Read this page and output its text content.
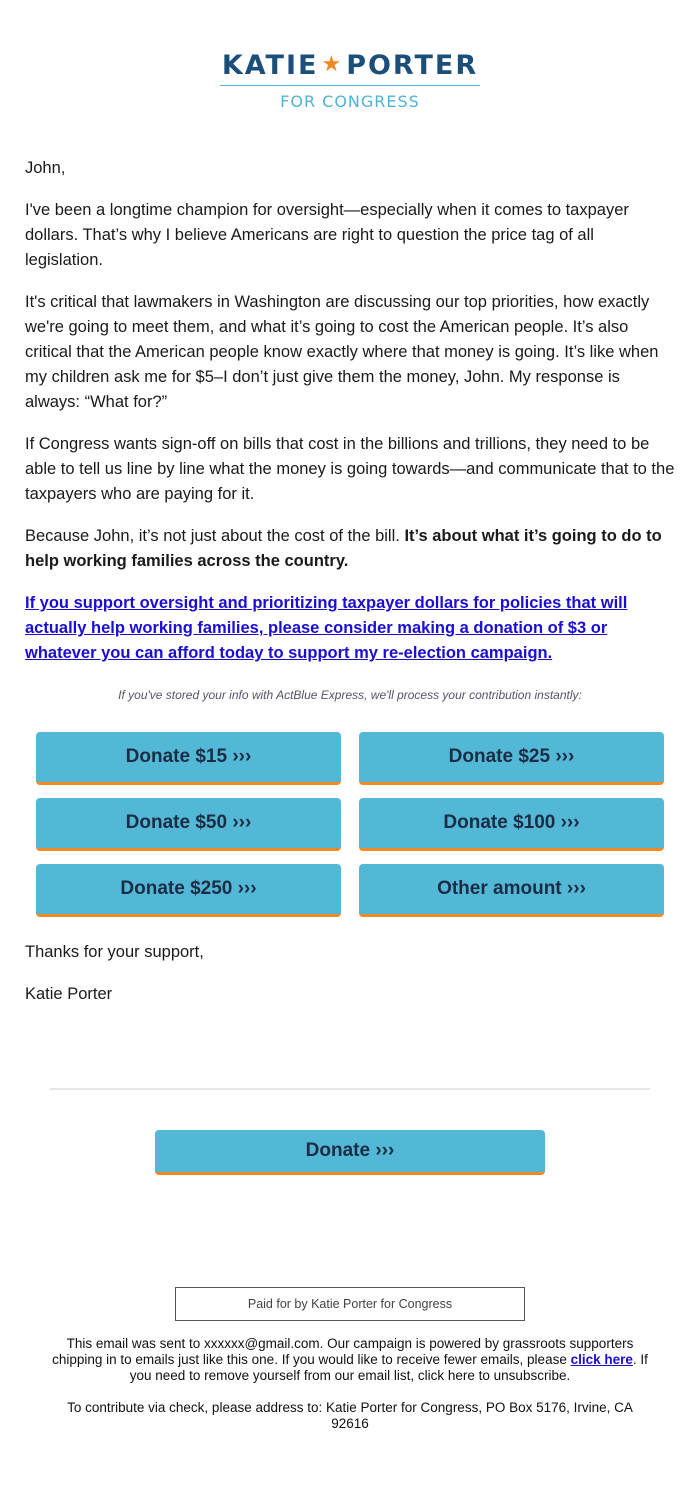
KATIE ★ PORTER
FOR CONGRESS

John,

I've been a longtime champion for oversight—especially when it comes to taxpayer dollars. That’s why I believe Americans are right to question the price tag of all legislation.

It's critical that lawmakers in Washington are discussing our top priorities, how exactly we're going to meet them, and what it’s going to cost the American people. It’s also critical that the American people know exactly where that money is going. It’s like when my children ask me for $5–I don’t just give them the money, John. My response is always: “What for?”

If Congress wants sign-off on bills that cost in the billions and trillions, they need to be able to tell us line by line what the money is going towards—and communicate that to the taxpayers who are paying for it.

Because John, it’s not just about the cost of the bill. It’s about what it’s going to do to help working families across the country.

If you support oversight and prioritizing taxpayer dollars for policies that will actually help working families, please consider making a donation of $3 or whatever you can afford today to support my re-election campaign.

If you've stored your info with ActBlue Express, we'll process your contribution instantly:
Donate $15 ›››	Donate $25 ›››
Donate $50 ›››	Donate $100 ›››
Donate $250 ›››	Other amount ›››
Thanks for your support,
Katie Porter
Donate ›››
Paid for by Katie Porter for Congress
This email was sent to xxxxxx@gmail.com. Our campaign is powered by grassroots supporters chipping in to emails just like this one. If you would like to receive fewer emails, please click here. If you need to remove yourself from our email list, click here to unsubscribe.
To contribute via check, please address to: Katie Porter for Congress, PO Box 5176, Irvine, CA 92616
